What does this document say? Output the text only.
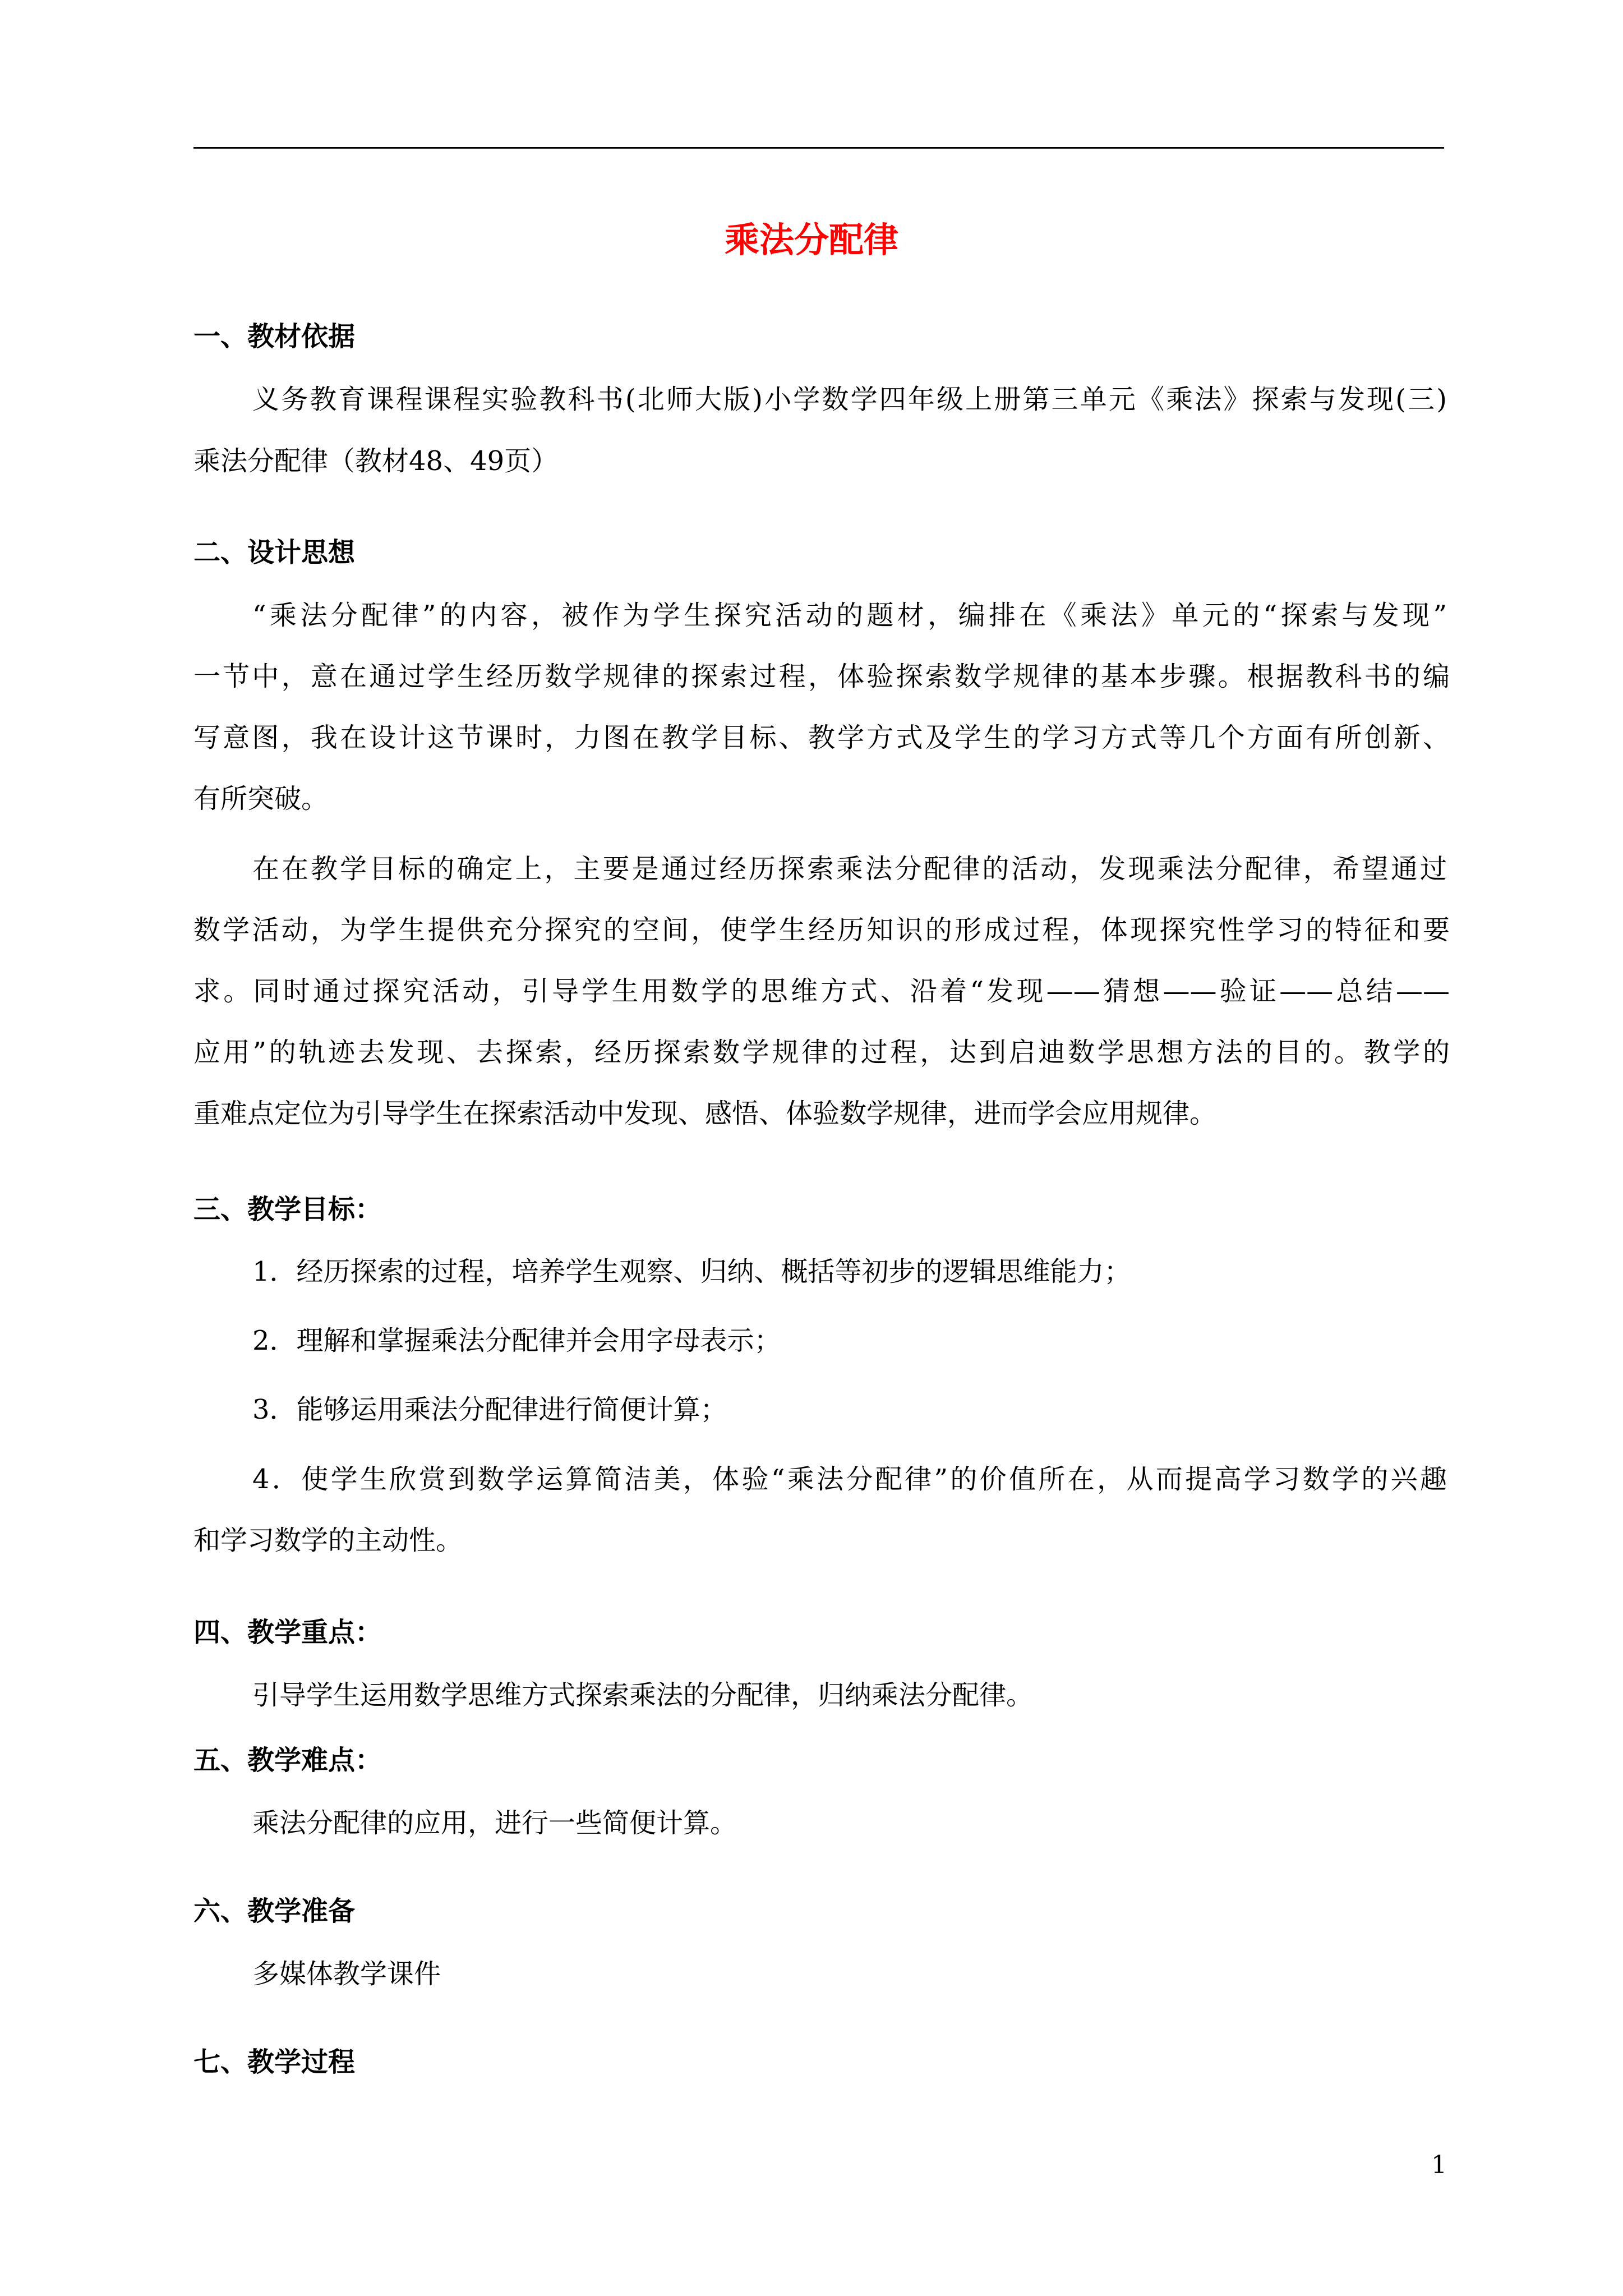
乘法分配律
一、教材依据
义务教育课程课程实验教科书(北师大版)小学数学四年级上册第三单元《乘法》探索与发现(三)
乘法分配律（教材48、49页）
二、设计思想
“乘法分配律”的内容，被作为学生探究活动的题材，编排在《乘法》单元的“探索与发现”
一节中，意在通过学生经历数学规律的探索过程，体验探索数学规律的基本步骤。根据教科书的编
写意图，我在设计这节课时，力图在教学目标、教学方式及学生的学习方式等几个方面有所创新、
有所突破。
在在教学目标的确定上，主要是通过经历探索乘法分配律的活动，发现乘法分配律，希望通过
数学活动，为学生提供充分探究的空间，使学生经历知识的形成过程，体现探究性学习的特征和要
求。同时通过探究活动，引导学生用数学的思维方式、沿着“发现——猜想——验证——总结——
应用”的轨迹去发现、去探索，经历探索数学规律的过程，达到启迪数学思想方法的目的。教学的
重难点定位为引导学生在探索活动中发现、感悟、体验数学规律，进而学会应用规律。
三、教学目标：
1．经历探索的过程，培养学生观察、归纳、概括等初步的逻辑思维能力；
2．理解和掌握乘法分配律并会用字母表示；
3．能够运用乘法分配律进行简便计算；
4．使学生欣赏到数学运算简洁美，体验“乘法分配律”的价值所在，从而提高学习数学的兴趣
和学习数学的主动性。
四、教学重点：
引导学生运用数学思维方式探索乘法的分配律，归纳乘法分配律。
五、教学难点：
乘法分配律的应用，进行一些简便计算。
六、教学准备
多媒体教学课件
七、教学过程
1
